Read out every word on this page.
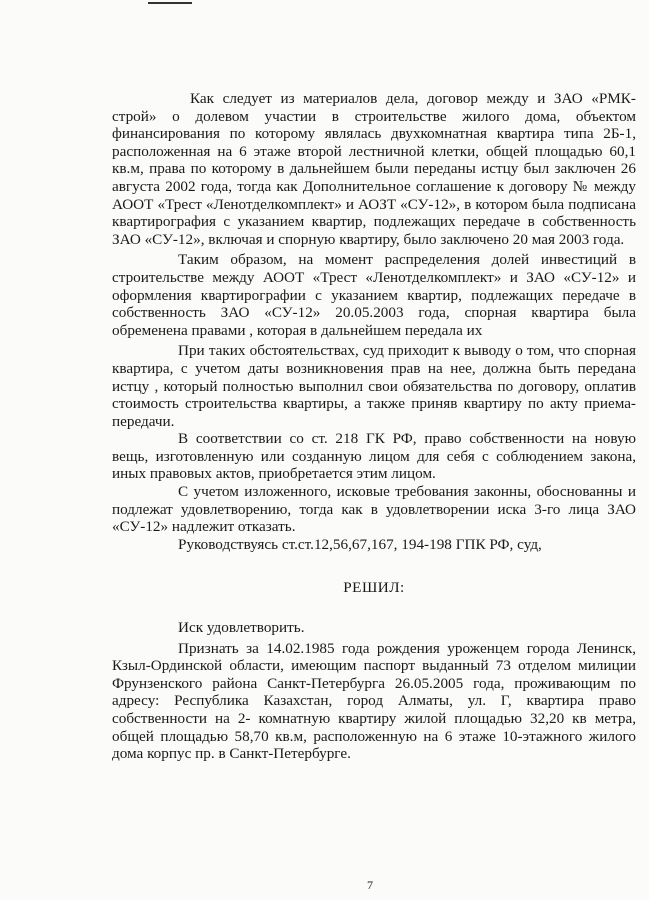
Как следует из материалов дела, договор между и ЗАО «РМК-строй» о долевом участии в строительстве жилого дома, объектом финансирования по которому являлась двухкомнатная квартира типа 2Б-1, расположенная на 6 этаже второй лестничной клетки, общей площадью 60,1 кв.м, права по которому в дальнейшем были переданы истцу был заключен 26 августа 2002 года, тогда как Дополнительное соглашение к договору № между АООТ «Трест «Ленотделкомплект» и АОЗТ «СУ-12», в котором была подписана квартирография с указанием квартир, подлежащих передаче в собственность ЗАО «СУ-12», включая и спорную квартиру, было заключено 20 мая 2003 года.

Таким образом, на момент распределения долей инвестиций в строительстве между АООТ «Трест «Ленотделкомплект» и ЗАО «СУ-12» и оформления квартирографии с указанием квартир, подлежащих передаче в собственность ЗАО «СУ-12» 20.05.2003 года, спорная квартира была обременена правами , которая в дальнейшем передала их

При таких обстоятельствах, суд приходит к выводу о том, что спорная квартира, с учетом даты возникновения прав на нее, должна быть передана истцу , который полностью выполнил свои обязательства по договору, оплатив стоимость строительства квартиры, а также приняв квартиру по акту приема-передачи.

В соответствии со ст. 218 ГК РФ, право собственности на новую вещь, изготовленную или созданную лицом для себя с соблюдением закона, иных правовых актов, приобретается этим лицом.

С учетом изложенного, исковые требования законны, обоснованны и подлежат удовлетворению, тогда как в удовлетворении иска 3-го лица ЗАО «СУ-12» надлежит отказать.

Руководствуясь ст.ст.12,56,67,167, 194-198 ГПК РФ, суд,

РЕШИЛ:

Иск удовлетворить.

Признать за 14.02.1985 года рождения уроженцем города Ленинск, Кзыл-Ординской области, имеющим паспорт выданный 73 отделом милиции Фрунзенского района Санкт-Петербурга 26.05.2005 года, проживающим по адресу: Республика Казахстан, город Алматы, ул. Г, квартира право собственности на 2- комнатную квартиру жилой площадью 32,20 кв метра, общей площадью 58,70 кв.м, расположенную на 6 этаже 10-этажного жилого дома корпус пр. в Санкт-Петербурге.

7
